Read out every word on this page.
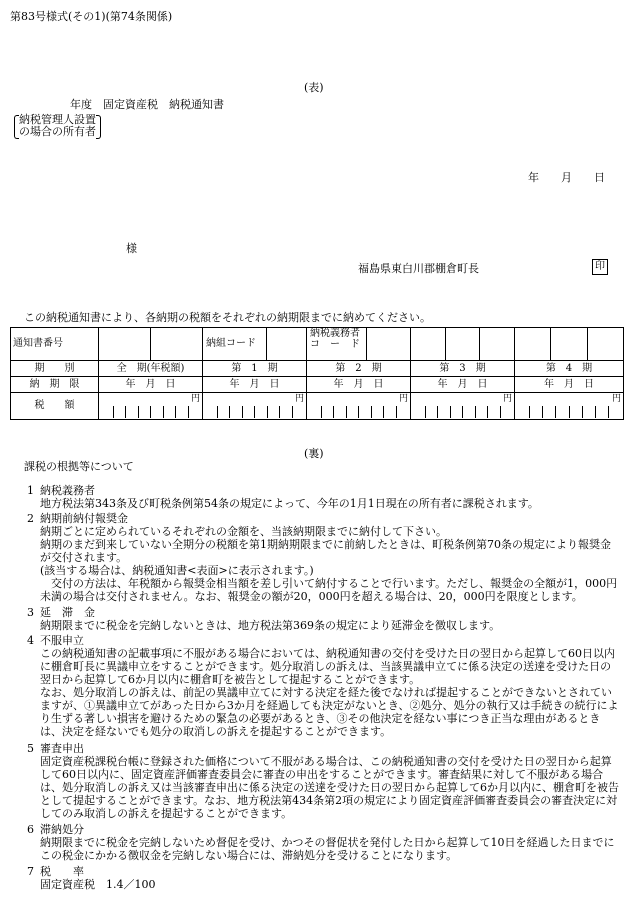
第83号様式(その1)(第74条関係)
(表)
年度　固定資産税　納税通知書
納税管理人設置
の場合の所有者
年　　月　　日
様
福島県東白川郡棚倉町長	印
この納税通知書により、各納期の税額をそれぞれの納期限までに納めてください。
通知書番号		納組コード	納税義務者
コ　ー　ド		

期　　別	全　期(年税額)	第　1　期	第　2　期	第　3　期	第　4　期
納　期　限	年　月　日	年　月　日	年　月　日	年　月　日	年　月　日
税　　額	円	円	円	円	円
(裏)
課税の根拠等について
1 納税義務者
地方税法第343条及び町税条例第54条の規定によって、今年の1月1日現在の所有者に課税されます。
2 納期前納付報奨金
納期ごとに定められているそれぞれの金額を、当該納期限までに納付して下さい。
納期のまだ到来していない全期分の税額を第1期納期限までに前納したときは、町税条例第70条の規定により報奨金が交付されます。
(該当する場合は、納税通知書<表面>に表示されます。)
交付の方法は、年税額から報奨金相当額を差し引いて納付することで行います。ただし、報奨金の全額が1，000円未満の場合は交付されません。なお、報奨金の額が20，000円を超える場合は、20，000円を限度とします。
3 延　滞　金
納期限までに税金を完納しないときは、地方税法第369条の規定により延滞金を徴収します。
4 不服申立
この納税通知書の記載事項に不服がある場合においては、納税通知書の交付を受けた日の翌日から起算して60日以内に棚倉町長に異議申立をすることができます。処分取消しの訴えは、当該異議申立てに係る決定の送達を受けた日の翌日から起算して6か月以内に棚倉町を被告として提起することができます。
なお、処分取消しの訴えは、前記の異議申立てに対する決定を経た後でなければ提起することができないとされていますが、①異議申立てがあった日から3か月を経過しても決定がないとき、②処分、処分の執行又は手続きの続行により生ずる著しい損害を避けるための緊急の必要があるとき、③その他決定を経ない事につき正当な理由があるときは、決定を経ないでも処分の取消しの訴えを提起することができます。
5 審査申出
固定資産税課税台帳に登録された価格について不服がある場合は、この納税通知書の交付を受けた日の翌日から起算して60日以内に、固定資産評価審査委員会に審査の申出をすることができます。審査結果に対して不服がある場合は、処分取消しの訴え又は当該審査申出に係る決定の送達を受けた日の翌日から起算して6か月以内に、棚倉町を被告として提起することができます。なお、地方税法第434条第2項の規定により固定資産評価審査委員会の審査決定に対してのみ取消しの訴えを提起することができます。
6 滞納処分
納期限までに税金を完納しないため督促を受け、かつその督促状を発付した日から起算して10日を経過した日までにこの税金にかかる徴収金を完納しない場合には、滞納処分を受けることになります。
7 税　　率
固定資産税　1.4／100
